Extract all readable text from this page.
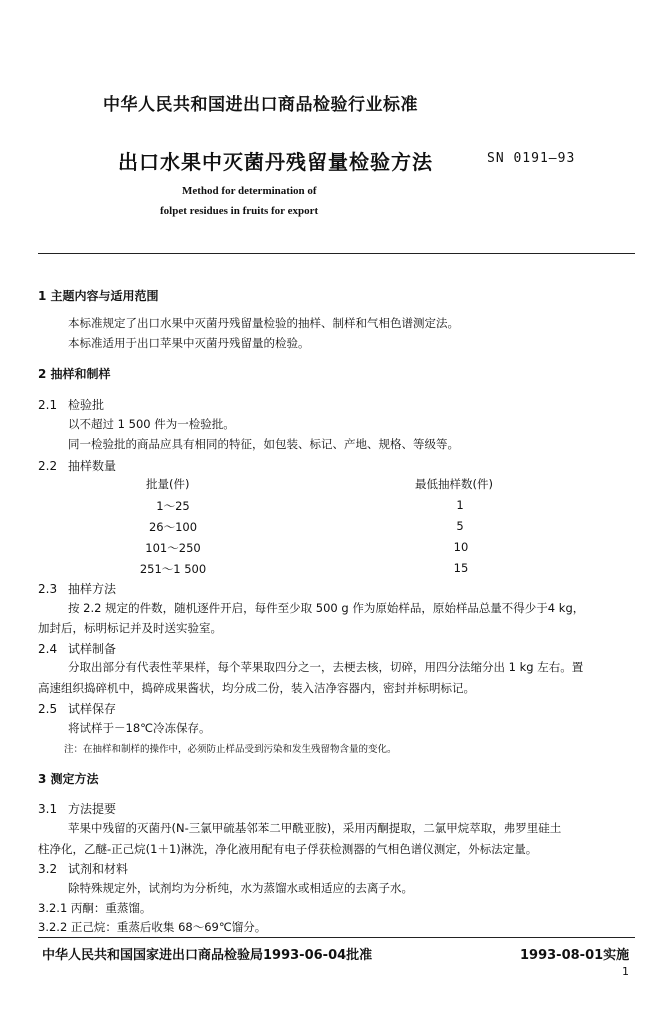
中华人民共和国进出口商品检验行业标准
出口水果中灭菌丹残留量检验方法	SN 0191—93
Method for determination of
folpet residues in fruits for export
1 主题内容与适用范围
本标准规定了出口水果中灭菌丹残留量检验的抽样、制样和气相色谱测定法。
本标准适用于出口苹果中灭菌丹残留量的检验。
2 抽样和制样
2.1 检验批
以不超过 1 500 件为一检验批。
同一检验批的商品应具有相同的特征，如包装、标记、产地、规格、等级等。
2.2 抽样数量
批量(件)	最低抽样数(件)
1～25	1
26～100	5
101～250	10
251～1 500	15
2.3 抽样方法
按 2.2 规定的件数，随机逐件开启，每件至少取 500 g 作为原始样品，原始样品总量不得少于4 kg，
加封后，标明标记并及时送实验室。
2.4 试样制备
分取出部分有代表性苹果样，每个苹果取四分之一，去梗去核，切碎，用四分法缩分出 1 kg 左右。置
高速组织捣碎机中，捣碎成果酱状，均分成二份，装入洁净容器内，密封并标明标记。
2.5 试样保存
将试样于－18℃冷冻保存。
注：在抽样和制样的操作中，必须防止样品受到污染和发生残留物含量的变化。
3 测定方法
3.1 方法提要
苹果中残留的灭菌丹(N-三氯甲硫基邻苯二甲酰亚胺)，采用丙酮提取，二氯甲烷萃取，弗罗里硅土
柱净化，乙醚-正己烷(1＋1)淋洗，净化液用配有电子俘获检测器的气相色谱仪测定，外标法定量。
3.2 试剂和材料
除特殊规定外，试剂均为分析纯，水为蒸馏水或相适应的去离子水。
3.2.1 丙酮：重蒸馏。
3.2.2 正己烷：重蒸后收集 68～69℃馏分。
中华人民共和国国家进出口商品检验局1993-06-04批准	1993-08-01实施
1
